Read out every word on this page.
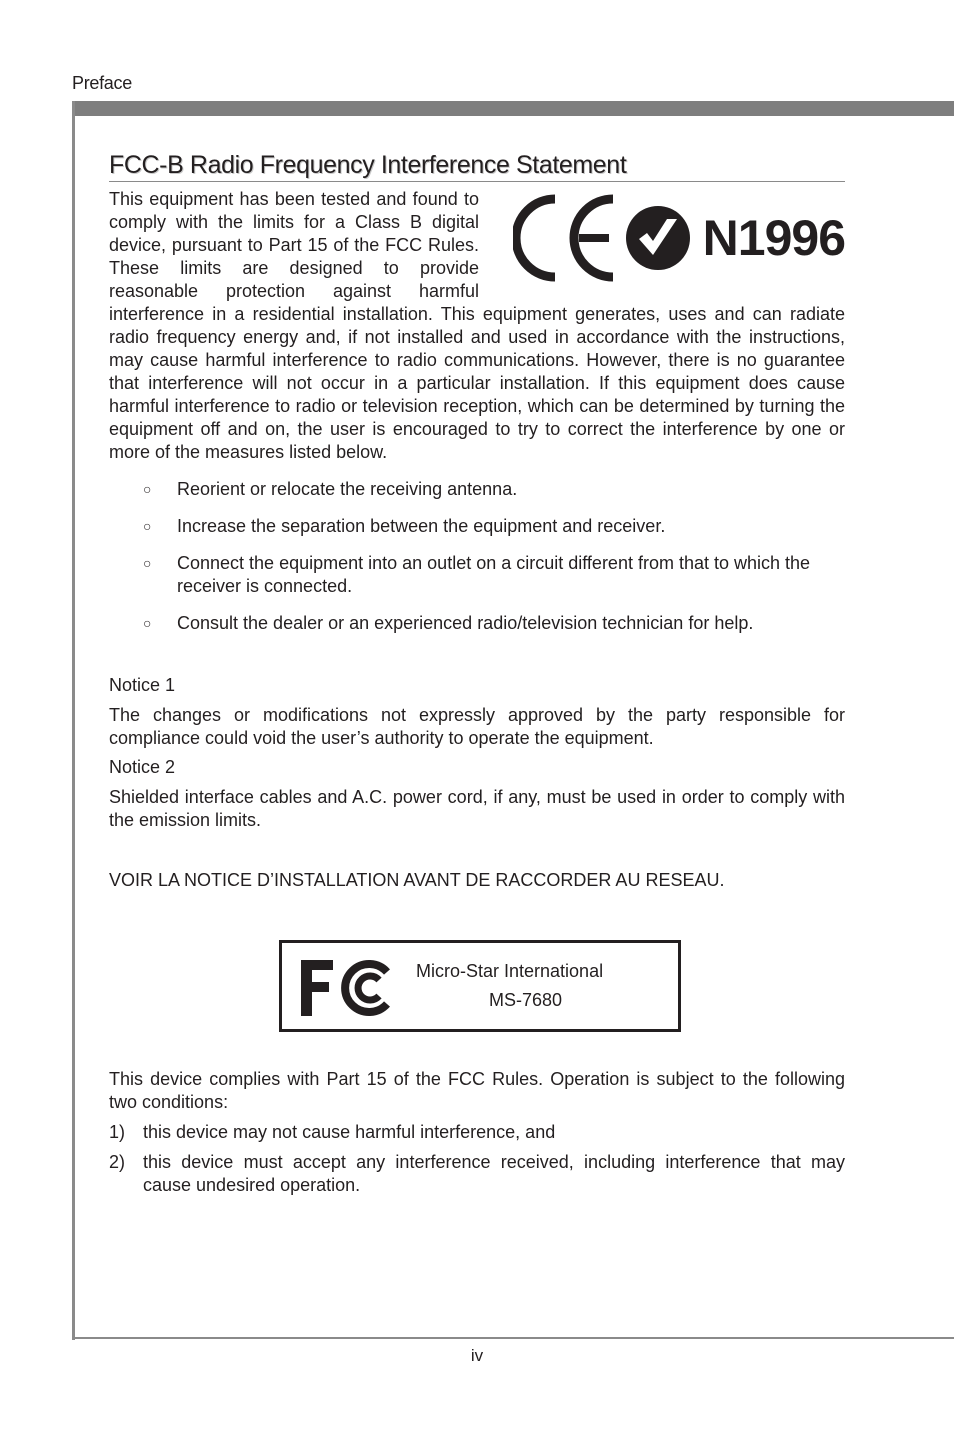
Preface
FCC-B Radio Frequency Interference Statement
N1996
This equipment has been tested and found to comply with the limits for a Class B digital device, pursuant to Part 15 of the FCC Rules. These limits are designed to provide reasonable protection against harmful interference in a residential installation. This equipment generates, uses and can radiate radio frequency energy and, if not installed and used in accordance with the instructions, may cause harmful interference to radio communications. However, there is no guarantee that interference will not occur in a particular installation. If this equipment does cause harmful interference to radio or television reception, which can be determined by turning the equipment off and on, the user is encouraged to try to correct the interference by one or more of the measures listed below.
○ Reorient or relocate the receiving antenna.
○ Increase the separation between the equipment and receiver.
○ Connect the equipment into an outlet on a circuit different from that to which the receiver is connected.
○ Consult the dealer or an experienced radio/television technician for help.
Notice 1
The changes or modifications not expressly approved by the party responsible for compliance could void the user’s authority to operate the equipment.
Notice 2
Shielded interface cables and A.C. power cord, if any, must be used in order to comply with the emission limits.
VOIR LA NOTICE D’INSTALLATION AVANT DE RACCORDER AU RESEAU.
Micro-Star International
MS-7680
This device complies with Part 15 of the FCC Rules. Operation is subject to the following two conditions:
1) this device may not cause harmful interference, and
2) this device must accept any interference received, including interference that may cause undesired operation.
iv
